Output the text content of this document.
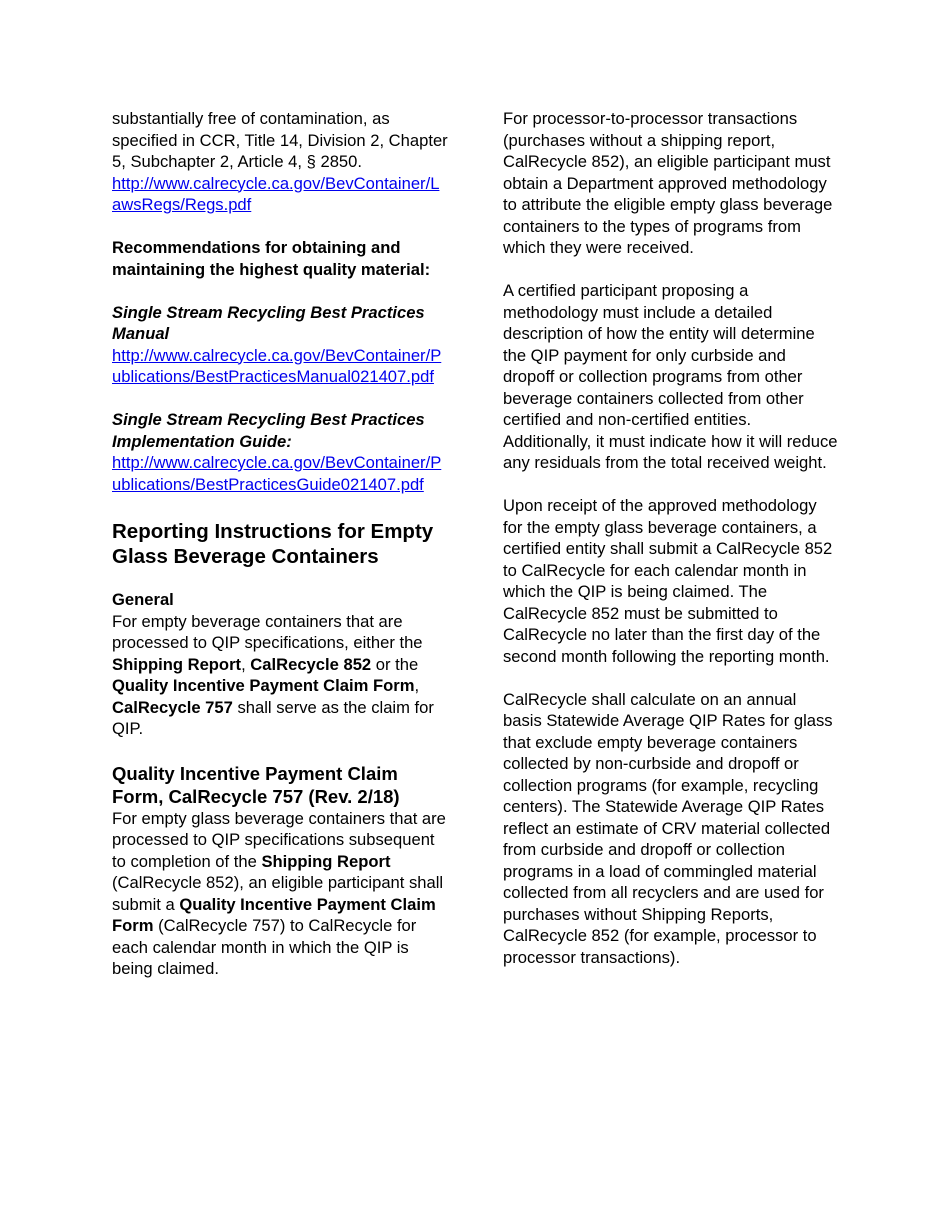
substantially free of contamination, as specified in CCR, Title 14, Division 2, Chapter 5, Subchapter 2, Article 4, § 2850.

http://www.calrecycle.ca.gov/BevContainer/LawsRegs/Regs.pdf

Recommendations for obtaining and maintaining the highest quality material:

Single Stream Recycling Best Practices Manual

http://www.calrecycle.ca.gov/BevContainer/Publications/BestPracticesManual021407.pdf

Single Stream Recycling Best Practices Implementation Guide:

http://www.calrecycle.ca.gov/BevContainer/Publications/BestPracticesGuide021407.pdf

Reporting Instructions for Empty Glass Beverage Containers

General

For empty beverage containers that are processed to QIP specifications, either the Shipping Report, CalRecycle 852 or the Quality Incentive Payment Claim Form, CalRecycle 757 shall serve as the claim for QIP.

Quality Incentive Payment Claim Form, CalRecycle 757 (Rev. 2/18)

For empty glass beverage containers that are processed to QIP specifications subsequent to completion of the Shipping Report (CalRecycle 852), an eligible participant shall submit a Quality Incentive Payment Claim Form (CalRecycle 757) to CalRecycle for each calendar month in which the QIP is being claimed.

For processor-to-processor transactions (purchases without a shipping report, CalRecycle 852), an eligible participant must obtain a Department approved methodology to attribute the eligible empty glass beverage containers to the types of programs from which they were received.

A certified participant proposing a methodology must include a detailed description of how the entity will determine the QIP payment for only curbside and dropoff or collection programs from other beverage containers collected from other certified and non-certified entities. Additionally, it must indicate how it will reduce any residuals from the total received weight.

Upon receipt of the approved methodology for the empty glass beverage containers, a certified entity shall submit a CalRecycle 852 to CalRecycle for each calendar month in which the QIP is being claimed. The CalRecycle 852 must be submitted to CalRecycle no later than the first day of the second month following the reporting month.

CalRecycle shall calculate on an annual basis Statewide Average QIP Rates for glass that exclude empty beverage containers collected by non-curbside and dropoff or collection programs (for example, recycling centers). The Statewide Average QIP Rates reflect an estimate of CRV material collected from curbside and dropoff or collection programs in a load of commingled material collected from all recyclers and are used for purchases without Shipping Reports, CalRecycle 852 (for example, processor to processor transactions).
